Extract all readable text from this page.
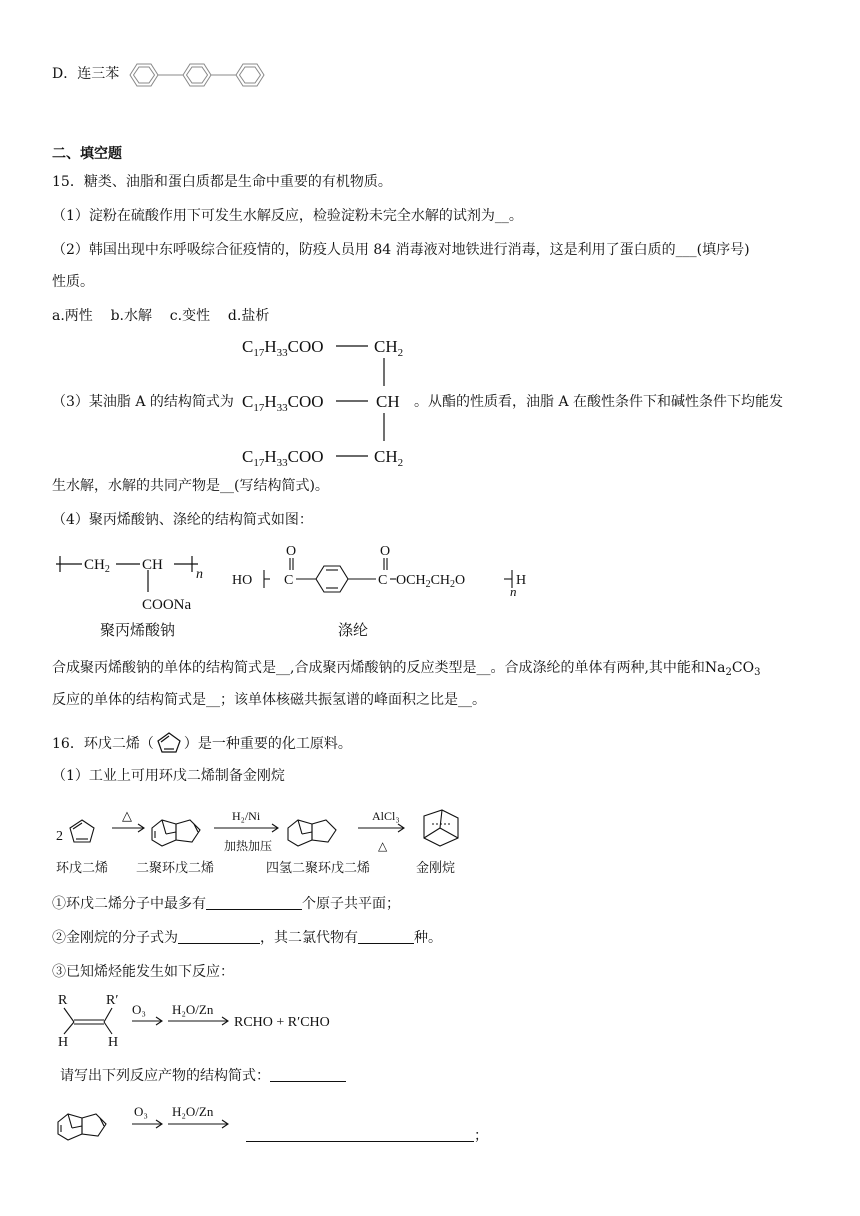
D．连三苯
二、填空题
15．糖类、油脂和蛋白质都是生命中重要的有机物质。
（1）淀粉在硫酸作用下可发生水解反应，检验淀粉未完全水解的试剂为__。
（2）韩国出现中东呼吸综合征疫情的，防疫人员用 84 消毒液对地铁进行消毒，这是利用了蛋白质的___(填序号)
性质。
a.两性    b.水解    c.变性    d.盐析
$C_{17}H_{33}COO$
$C_{17}H_{33}COO$
$C_{17}H_{33}COO$
$CH_2$
CH
$CH_2$
（3）某油脂 A 的结构简式为	。从酯的性质看，油脂 A 在酸性条件下和碱性条件下均能发
生水解，水解的共同产物是__(写结构简式)。
（4）聚丙烯酸钠、涤纶的结构简式如图：
$CH_2$ CH
n
COONa
聚丙烯酸钠
HO
O
C
O
C $OCH_2CH_2O$	H
n
涤纶
合成聚丙烯酸钠的单体的结构简式是__,合成聚丙烯酸钠的反应类型是__。合成涤纶的单体有两种,其中能和$Na_2CO_3$
反应的单体的结构简式是__；该单体核磁共振氢谱的峰面积之比是__。
16．环戊二烯（ ）是一种重要的化工原料。
（1）工业上可用环戊二烯制备金刚烷
2
△	H₂/Ni
加热加压
AlCl₃
△
环戊二烯 二聚环戊二烯	四氢二聚环戊二烯	金刚烷
①环戊二烯分子中最多有	个原子共平面；
②金刚烷的分子式为	，其二氯代物有	种。
③已知烯烃能发生如下反应：
R	R′
H	H
O₃ H₂O/Zn
RCHO + R′CHO
请写出下列反应产物的结构简式：
O₃ H₂O/Zn
；
